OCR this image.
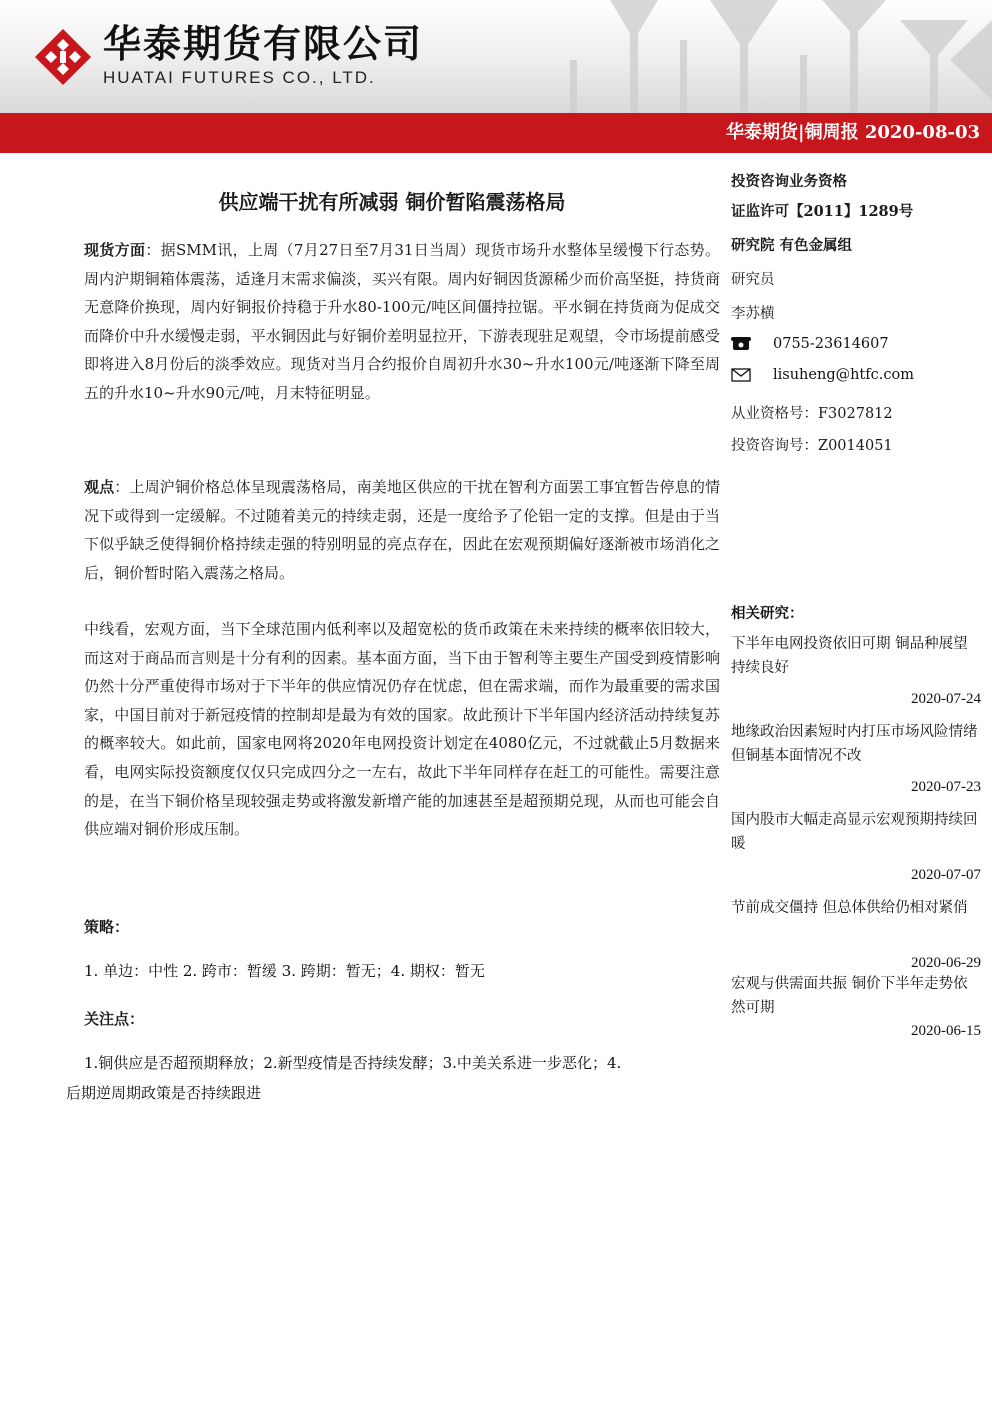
华泰期货有限公司
HUATAI FUTURES CO., LTD.
华泰期货|铜周报 2020-08-03
供应端干扰有所减弱 铜价暂陷震荡格局
现货方面：据SMM讯，上周（7月27日至7月31日当周）现货市场升水整体呈缓慢下行态势。周内沪期铜箱体震荡，适逢月末需求偏淡，买兴有限。周内好铜因货源稀少而价高坚挺，持货商无意降价换现，周内好铜报价持稳于升水80-100元/吨区间僵持拉锯。平水铜在持货商为促成交而降价中升水缓慢走弱，平水铜因此与好铜价差明显拉开，下游表现驻足观望，令市场提前感受即将进入8月份后的淡季效应。现货对当月合约报价自周初升水30~升水100元/吨逐渐下降至周五的升水10~升水90元/吨，月末特征明显。
观点：上周沪铜价格总体呈现震荡格局，南美地区供应的干扰在智利方面罢工事宜暂告停息的情况下或得到一定缓解。不过随着美元的持续走弱，还是一度给予了伦铝一定的支撑。但是由于当下似乎缺乏使得铜价格持续走强的特别明显的亮点存在，因此在宏观预期偏好逐渐被市场消化之后，铜价暂时陷入震荡之格局。
中线看，宏观方面，当下全球范围内低利率以及超宽松的货币政策在未来持续的概率依旧较大，而这对于商品而言则是十分有利的因素。基本面方面，当下由于智利等主要生产国受到疫情影响仍然十分严重使得市场对于下半年的供应情况仍存在忧虑，但在需求端，而作为最重要的需求国家，中国目前对于新冠疫情的控制却是最为有效的国家。故此预计下半年国内经济活动持续复苏的概率较大。如此前，国家电网将2020年电网投资计划定在4080亿元，不过就截止5月数据来看，电网实际投资额度仅仅只完成四分之一左右，故此下半年同样存在赶工的可能性。需要注意的是，在当下铜价格呈现较强走势或将激发新增产能的加速甚至是超预期兑现，从而也可能会自供应端对铜价形成压制。
策略：
1. 单边：中性 2. 跨市：暂缓 3. 跨期：暂无；4. 期权：暂无
关注点：
1.铜供应是否超预期释放；2.新型疫情是否持续发酵；3.中美关系进一步恶化；4.
后期逆周期政策是否持续跟进
投资咨询业务资格
证监许可【2011】1289号
研究院 有色金属组
研究员
李苏横
0755-23614607
lisuheng@htfc.com
从业资格号：F3027812
投资咨询号：Z0014051
相关研究：
下半年电网投资依旧可期 铜品种展望持续良好
2020-07-24
地缘政治因素短时内打压市场风险情绪 但铜基本面情况不改
2020-07-23
国内股市大幅走高显示宏观预期持续回暖
2020-07-07
节前成交僵持 但总体供给仍相对紧俏
2020-06-29
宏观与供需面共振 铜价下半年走势依然可期
2020-06-15
